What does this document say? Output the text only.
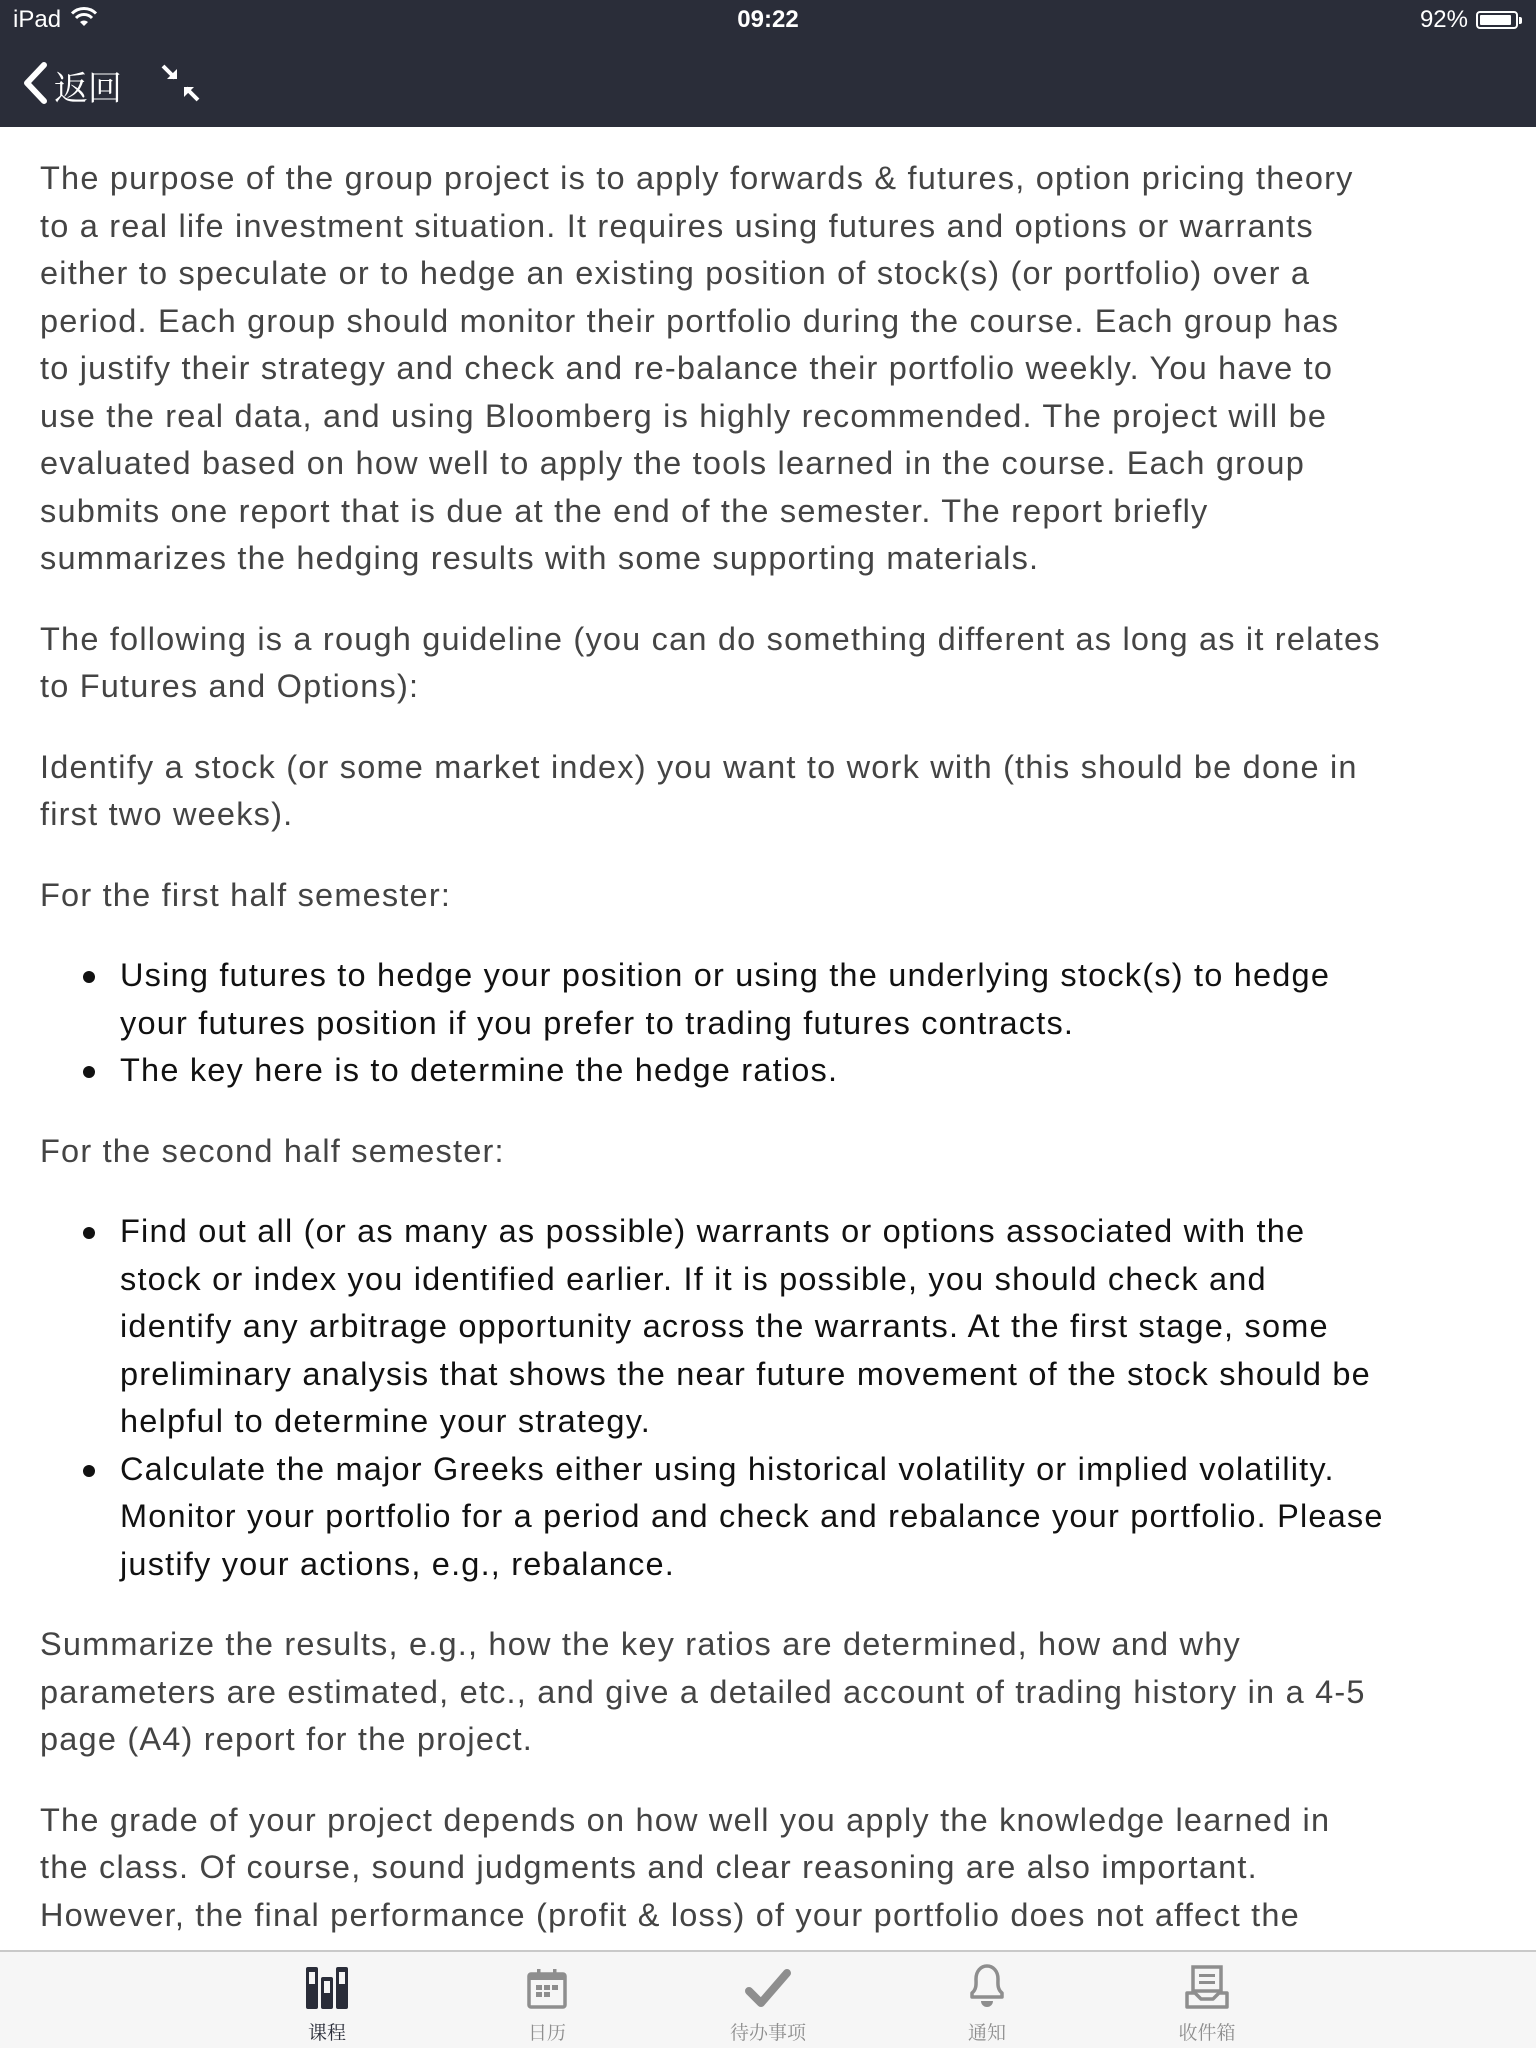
iPad	09:22	92%
返回
The purpose of the group project is to apply forwards & futures, option pricing theory
to a real life investment situation. It requires using futures and options or warrants
either to speculate or to hedge an existing position of stock(s) (or portfolio) over a
period. Each group should monitor their portfolio during the course. Each group has
to justify their strategy and check and re-balance their portfolio weekly. You have to
use the real data, and using Bloomberg is highly recommended. The project will be
evaluated based on how well to apply the tools learned in the course. Each group
submits one report that is due at the end of the semester. The report briefly
summarizes the hedging results with some supporting materials.
The following is a rough guideline (you can do something different as long as it relates
to Futures and Options):
Identify a stock (or some market index) you want to work with (this should be done in
first two weeks).
For the first half semester:
Using futures to hedge your position or using the underlying stock(s) to hedge
your futures position if you prefer to trading futures contracts.
The key here is to determine the hedge ratios.
For the second half semester:
Find out all (or as many as possible) warrants or options associated with the
stock or index you identified earlier. If it is possible, you should check and
identify any arbitrage opportunity across the warrants. At the first stage, some
preliminary analysis that shows the near future movement of the stock should be
helpful to determine your strategy.
Calculate the major Greeks either using historical volatility or implied volatility.
Monitor your portfolio for a period and check and rebalance your portfolio. Please
justify your actions, e.g., rebalance.
Summarize the results, e.g., how the key ratios are determined, how and why
parameters are estimated, etc., and give a detailed account of trading history in a 4-5
page (A4) report for the project.
The grade of your project depends on how well you apply the knowledge learned in
the class. Of course, sound judgments and clear reasoning are also important.
However, the final performance (profit & loss) of your portfolio does not affect the
课程	日历	待办事项	通知	收件箱
